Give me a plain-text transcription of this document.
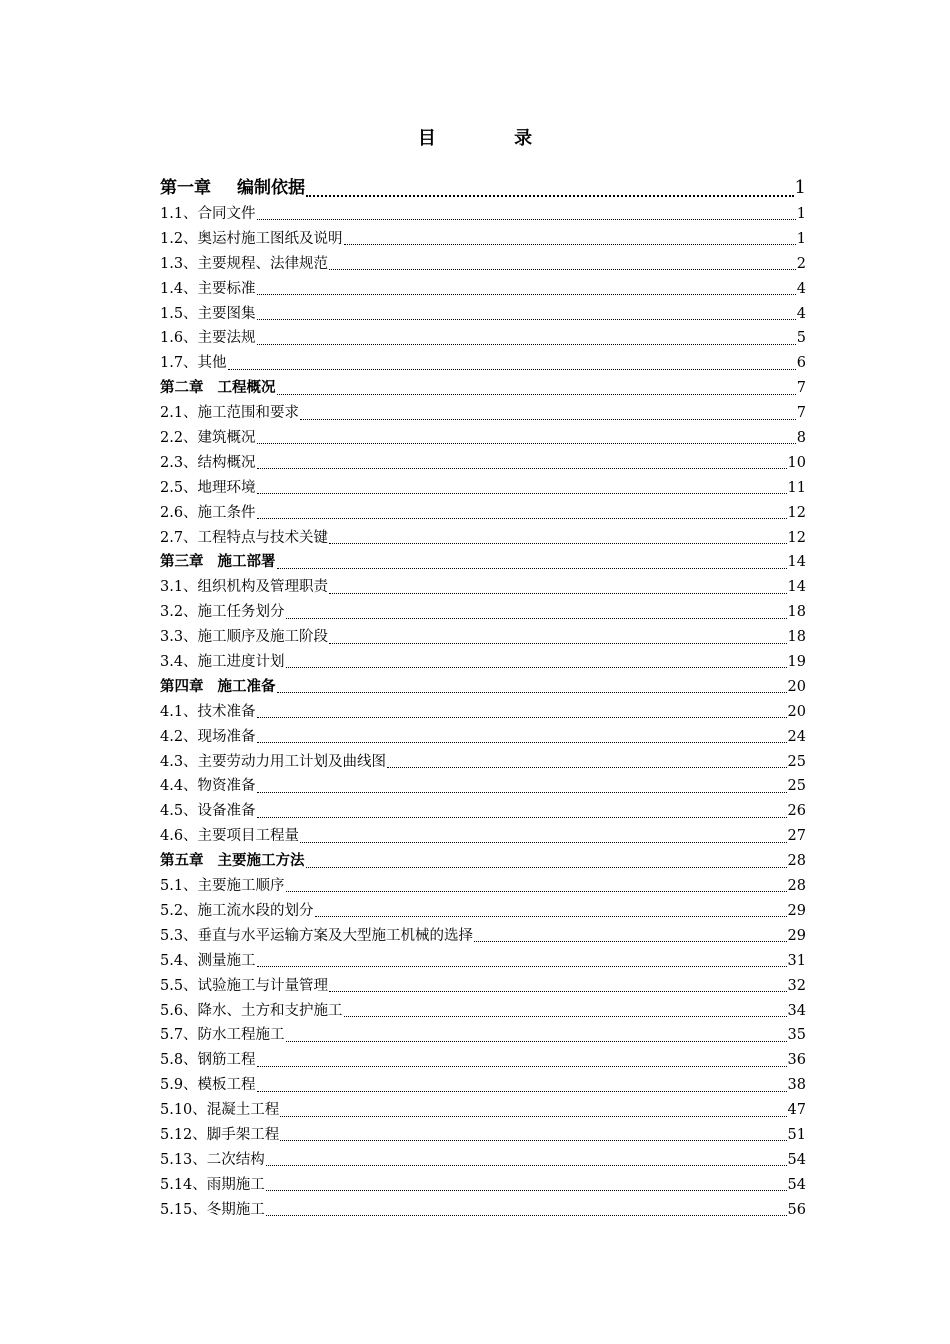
目 录
第一章 编制依据	1
1.1、合同文件	1
1.2、奥运村施工图纸及说明	1
1.3、主要规程、法律规范	2
1.4、主要标准	4
1.5、主要图集	4
1.6、主要法规	5
1.7、其他	6
第二章 工程概况	7
2.1、施工范围和要求	7
2.2、建筑概况	8
2.3、结构概况	10
2.5、地理环境	11
2.6、施工条件	12
2.7、工程特点与技术关键	12
第三章 施工部署	14
3.1、组织机构及管理职责	14
3.2、施工任务划分	18
3.3、施工顺序及施工阶段	18
3.4、施工进度计划	19
第四章 施工准备	20
4.1、技术准备	20
4.2、现场准备	24
4.3、主要劳动力用工计划及曲线图	25
4.4、物资准备	25
4.5、设备准备	26
4.6、主要项目工程量	27
第五章 主要施工方法	28
5.1、主要施工顺序	28
5.2、施工流水段的划分	29
5.3、垂直与水平运输方案及大型施工机械的选择	29
5.4、测量施工	31
5.5、试验施工与计量管理	32
5.6、降水、土方和支护施工	34
5.7、防水工程施工	35
5.8、钢筋工程	36
5.9、模板工程	38
5.10、混凝土工程	47
5.12、脚手架工程	51
5.13、二次结构	54
5.14、雨期施工	54
5.15、冬期施工	56
